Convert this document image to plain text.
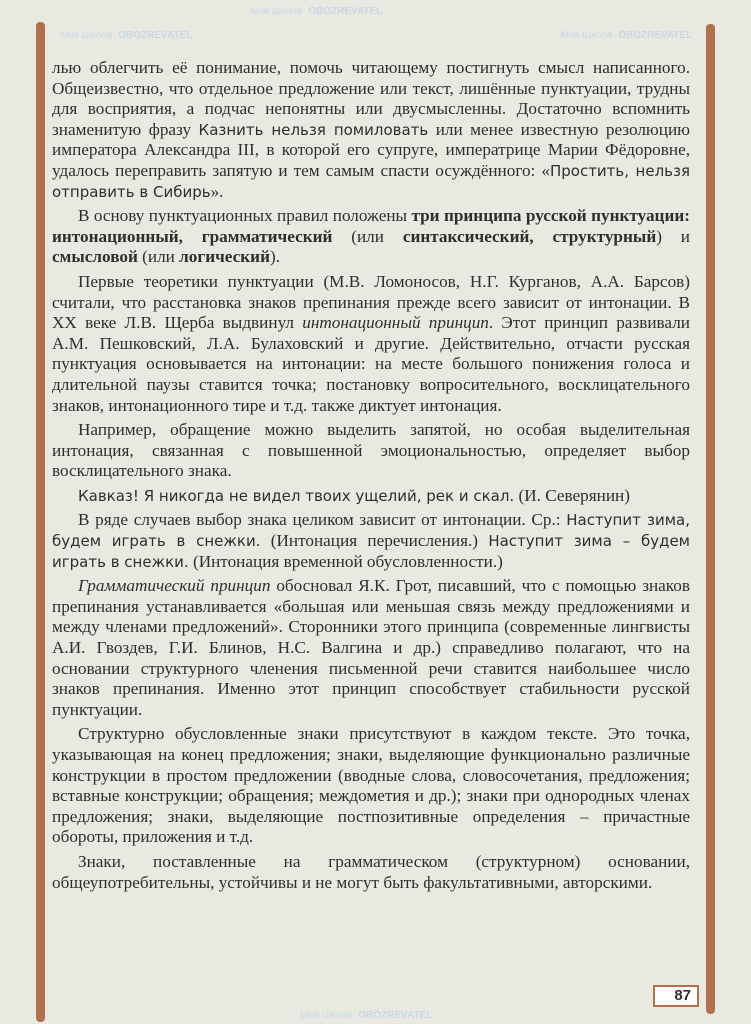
Моя Школа OBOZREVATEL
Моя Школа OBOZREVATEL
Моя Школа OBOZREVATEL
Моя Школа OBOZREVATEL

лью облегчить её понимание, помочь читающему постигнуть смысл написанного. Общеизвестно, что отдельное предложение или текст, лишённые пунктуации, трудны для восприятия, а подчас непонятны или двусмысленны. Достаточно вспомнить знаменитую фразу Казнить нельзя помиловать или менее известную резолюцию императора Александра III, в которой его супруге, императрице Марии Фёдоровне, удалось переправить запятую и тем самым спасти осуждённого: «Простить, нельзя отправить в Сибирь».

В основу пунктуационных правил положены три принципа русской пунктуации: интонационный, грамматический (или синтаксический, структурный) и смысловой (или логический).

Первые теоретики пунктуации (М.В. Ломоносов, Н.Г. Курганов, А.А. Барсов) считали, что расстановка знаков препинания прежде всего зависит от интонации. В XX веке Л.В. Щерба выдвинул интонационный принцип. Этот принцип развивали А.М. Пешковский, Л.А. Булаховский и другие. Действительно, отчасти русская пунктуация основывается на интонации: на месте большого понижения голоса и длительной паузы ставится точка; постановку вопросительного, восклицательного знаков, интонационного тире и т.д. также диктует интонация.

Например, обращение можно выделить запятой, но особая выделительная интонация, связанная с повышенной эмоциональностью, определяет выбор восклицательного знака.

Кавказ! Я никогда не видел твоих ущелий, рек и скал. (И. Северянин)

В ряде случаев выбор знака целиком зависит от интонации. Ср.: Наступит зима, будем играть в снежки. (Интонация перечисления.) Наступит зима – будем играть в снежки. (Интонация временной обусловленности.)

Грамматический принцип обосновал Я.К. Грот, писавший, что с помощью знаков препинания устанавливается «большая или меньшая связь между предложениями и между членами предложений». Сторонники этого принципа (современные лингвисты А.И. Гвоздев, Г.И. Блинов, Н.С. Валгина и др.) справедливо полагают, что на основании структурного членения письменной речи ставится наибольшее число знаков препинания. Именно этот принцип способствует стабильности русской пунктуации.

Структурно обусловленные знаки присутствуют в каждом тексте. Это точка, указывающая на конец предложения; знаки, выделяющие функционально различные конструкции в простом предложении (вводные слова, словосочетания, предложения; вставные конструкции; обращения; междометия и др.); знаки при однородных членах предложения; знаки, выделяющие постпозитивные определения – причастные обороты, приложения и т.д.

Знаки, поставленные на грамматическом (структурном) основании, общеупотребительны, устойчивы и не могут быть факультативными, авторскими.

87
